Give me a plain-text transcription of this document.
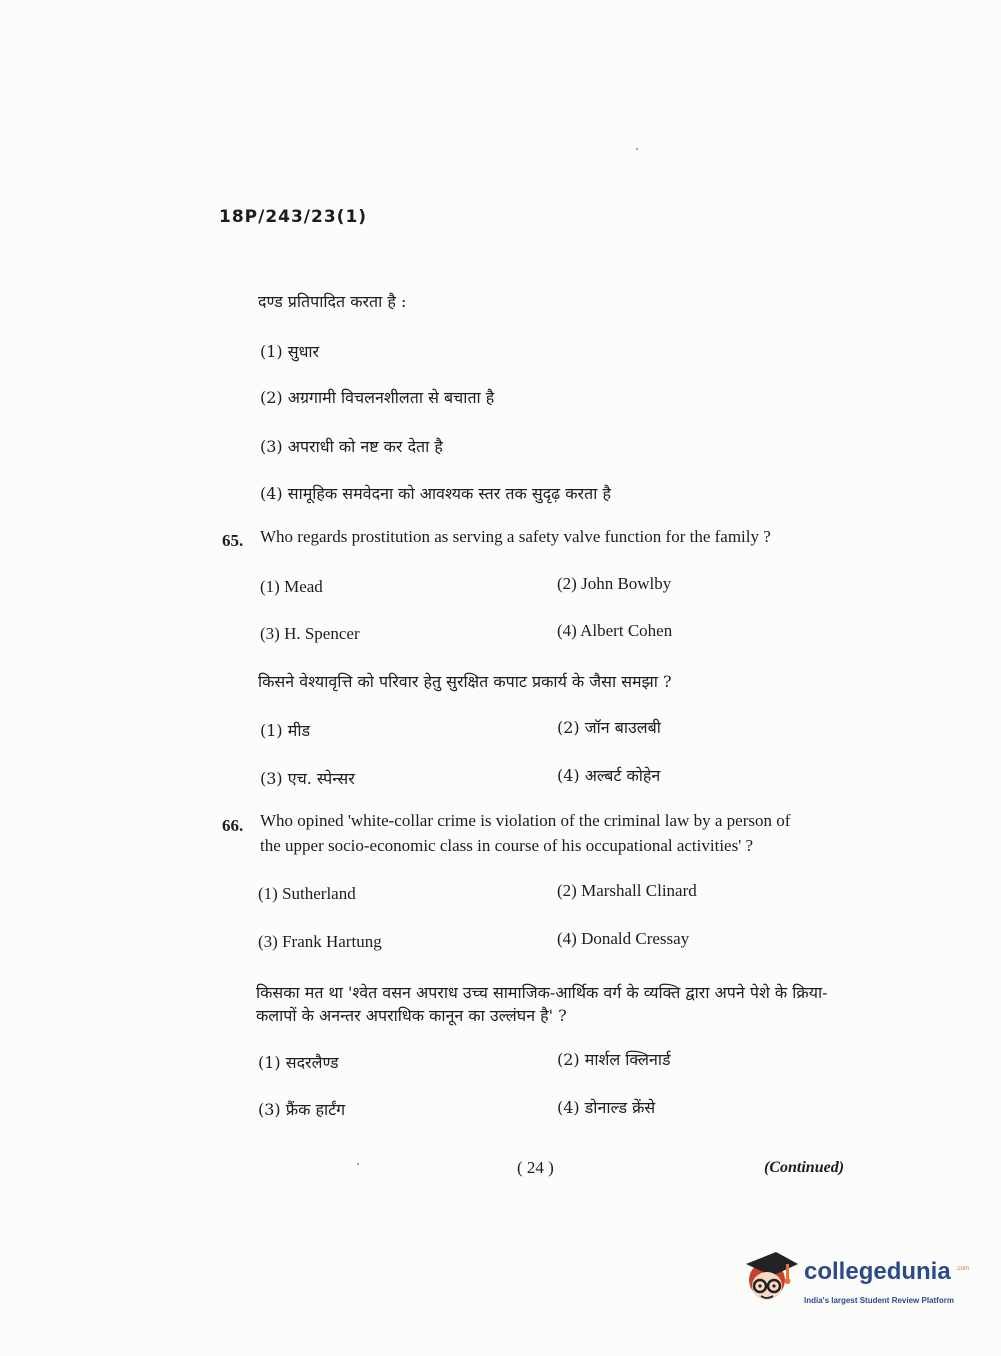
18P/243/23(1)
दण्ड प्रतिपादित करता है :
(1) सुधार
(2) अग्रगामी विचलनशीलता से बचाता है
(3) अपराधी को नष्ट कर देता है
(4) सामूहिक समवेदना को आवश्यक स्तर तक सुदृढ़ करता है
65. Who regards prostitution as serving a safety valve function for the family ?
(1) Mead	(2) John Bowlby
(3) H. Spencer	(4) Albert Cohen
किसने वेश्यावृत्ति को परिवार हेतु सुरक्षित कपाट प्रकार्य के जैसा समझा ?
(1) मीड	(2) जॉन बाउलबी
(3) एच. स्पेन्सर	(4) अल्बर्ट कोहेन
66. Who opined 'white-collar crime is violation of the criminal law by a person of
the upper socio-economic class in course of his occupational activities' ?
(1) Sutherland	(2) Marshall Clinard
(3) Frank Hartung	(4) Donald Cressay
किसका मत था 'श्वेत वसन अपराध उच्च सामाजिक-आर्थिक वर्ग के व्यक्ति द्वारा अपने पेशे के क्रिया-
कलापों के अनन्तर अपराधिक कानून का उल्लंघन है' ?
(1) सदरलैण्ड	(2) मार्शल क्लिनार्ड
(3) फ्रैंक हार्टंग	(4) डोनाल्ड क्रेंसे
( 24 )	(Continued)
collegedunia .com
India's largest Student Review Platform
